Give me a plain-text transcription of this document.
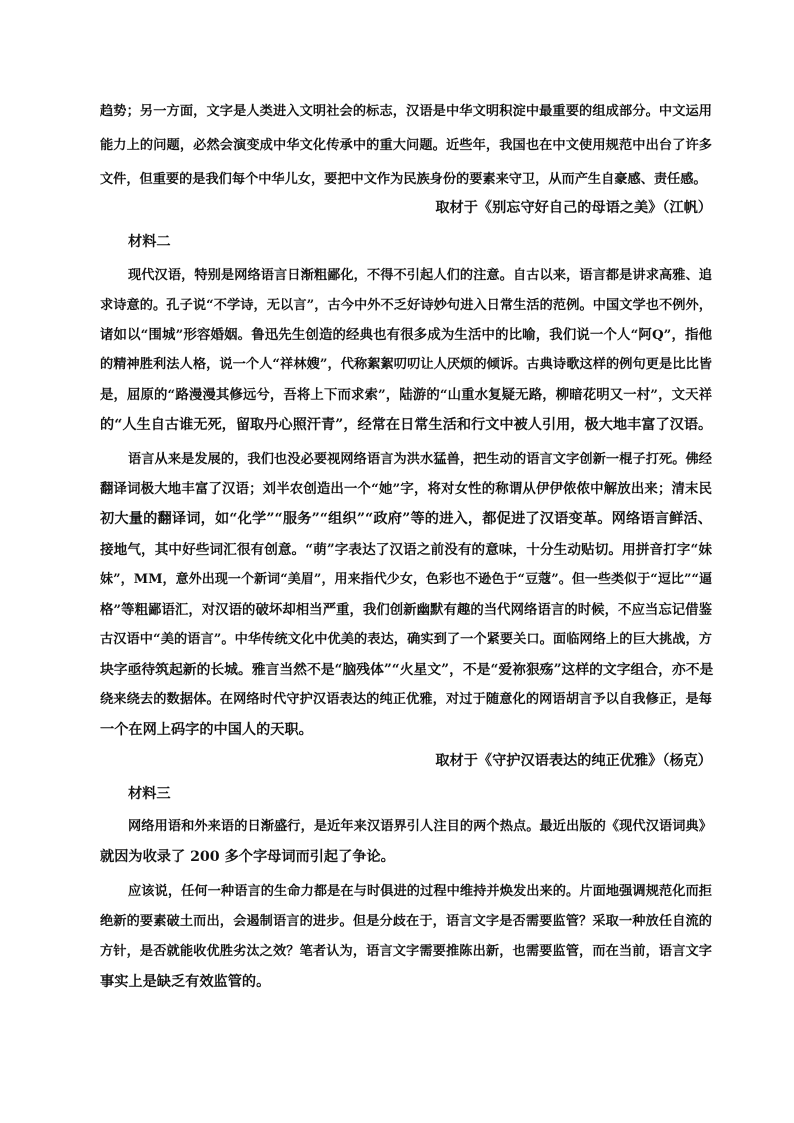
趋势；另一方面，文字是人类进入文明社会的标志，汉语是中华文明积淀中最重要的组成部分。中文运用
能力上的问题，必然会演变成中华文化传承中的重大问题。近些年，我国也在中文使用规范中出台了许多
文件，但重要的是我们每个中华儿女，要把中文作为民族身份的要素来守卫，从而产生自豪感、责任感。
取材于《别忘守好自己的母语之美》（江帆）
材料二
现代汉语，特别是网络语言日渐粗鄙化，不得不引起人们的注意。自古以来，语言都是讲求高雅、追
求诗意的。孔子说“不学诗，无以言”，古今中外不乏好诗妙句进入日常生活的范例。中国文学也不例外，
诸如以“围城”形容婚姻。鲁迅先生创造的经典也有很多成为生活中的比喻，我们说一个人“阿Q”，指他
的精神胜利法人格，说一个人“祥林嫂”，代称絮絮叨叨让人厌烦的倾诉。古典诗歌这样的例句更是比比皆
是，屈原的“路漫漫其修远兮，吾将上下而求索”，陆游的“山重水复疑无路，柳暗花明又一村”，文天祥
的“人生自古谁无死，留取丹心照汗青”，经常在日常生活和行文中被人引用，极大地丰富了汉语。
语言从来是发展的，我们也没必要视网络语言为洪水猛兽，把生动的语言文字创新一棍子打死。佛经
翻译词极大地丰富了汉语；刘半农创造出一个“她”字，将对女性的称谓从伊伊侬侬中解放出来；清末民
初大量的翻译词，如“化学”“服务”“组织”“政府”等的进入，都促进了汉语变革。网络语言鲜活、
接地气，其中好些词汇很有创意。“萌”字表达了汉语之前没有的意味，十分生动贴切。用拼音打字“妹
妹”，MM，意外出现一个新词“美眉”，用来指代少女，色彩也不逊色于“豆蔻”。但一些类似于“逗比”“逼
格”等粗鄙语汇，对汉语的破坏却相当严重，我们创新幽默有趣的当代网络语言的时候，不应当忘记借鉴
古汉语中“美的语言”。中华传统文化中优美的表达，确实到了一个紧要关口。面临网络上的巨大挑战，方
块字亟待筑起新的长城。雅言当然不是“脑残体”“火星文”，不是“爱祢狠殇”这样的文字组合，亦不是
绕来绕去的数据体。在网络时代守护汉语表达的纯正优雅，对过于随意化的网语胡言予以自我修正，是每
一个在网上码字的中国人的天职。
取材于《守护汉语表达的纯正优雅》（杨克）
材料三
网络用语和外来语的日渐盛行，是近年来汉语界引人注目的两个热点。最近出版的《现代汉语词典》
就因为收录了 200 多个字母词而引起了争论。
应该说，任何一种语言的生命力都是在与时俱进的过程中维持并焕发出来的。片面地强调规范化而拒
绝新的要素破土而出，会遏制语言的进步。但是分歧在于，语言文字是否需要监管？采取一种放任自流的
方针，是否就能收优胜劣汰之效？笔者认为，语言文字需要推陈出新，也需要监管，而在当前，语言文字
事实上是缺乏有效监管的。
